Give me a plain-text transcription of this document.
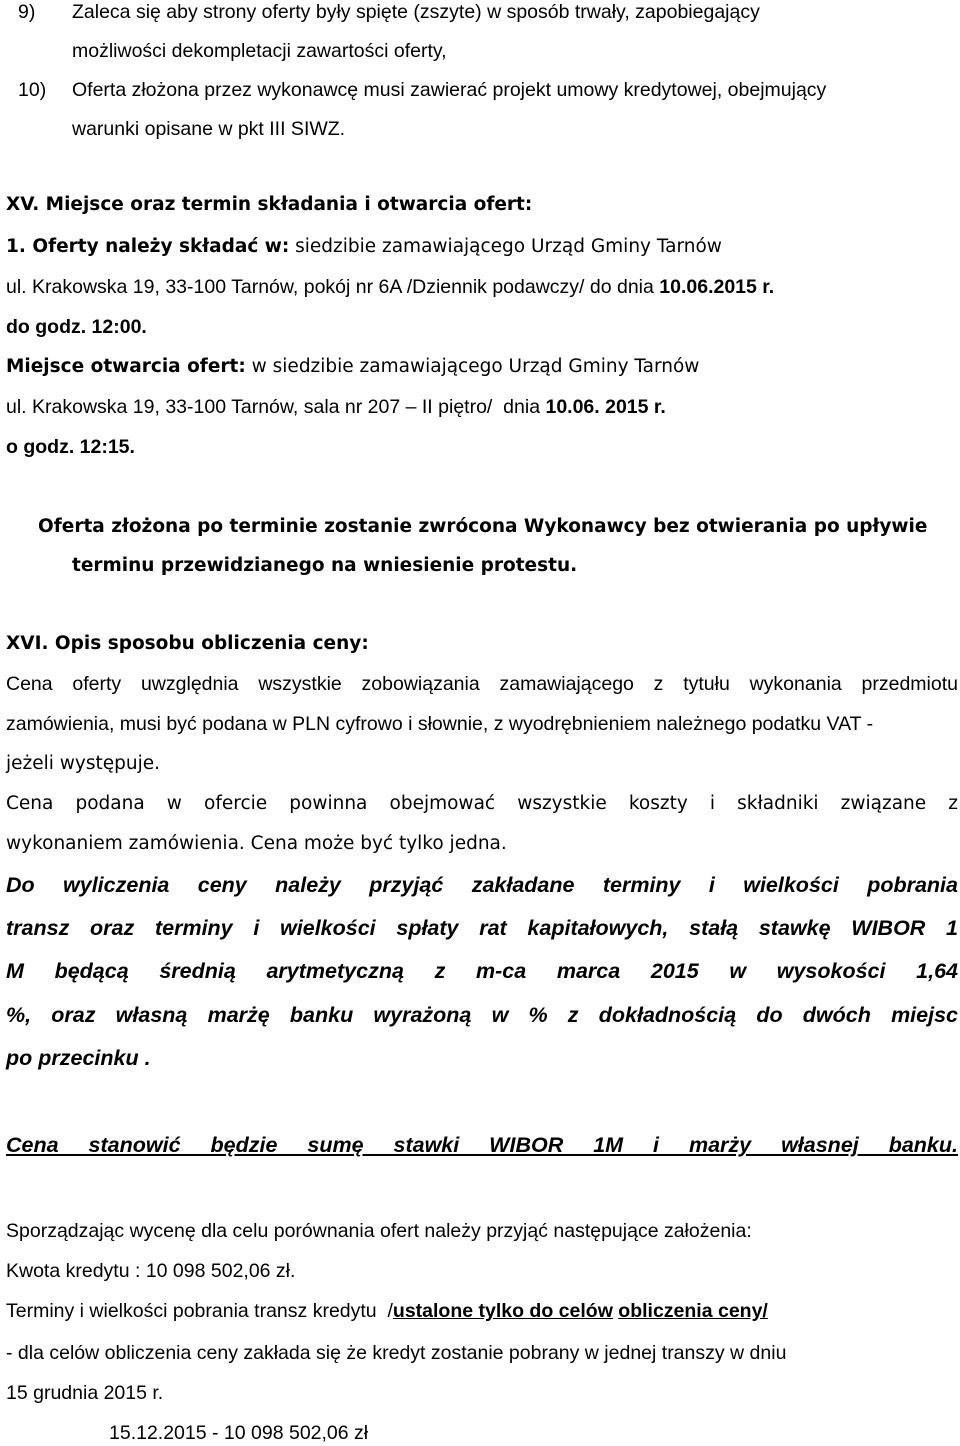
9) Zaleca się aby strony oferty były spięte (zszyte) w sposób trwały, zapobiegający
możliwości dekompletacji zawartości oferty,
10) Oferta złożona przez wykonawcę musi zawierać projekt umowy kredytowej, obejmujący
warunki opisane w pkt III SIWZ.
XV. Miejsce oraz termin składania i otwarcia ofert:
1. Oferty należy składać w: siedzibie zamawiającego Urząd Gminy Tarnów
ul. Krakowska 19, 33-100 Tarnów, pokój nr 6A /Dziennik podawczy/ do dnia 10.06.2015 r.
do godz. 12:00.
Miejsce otwarcia ofert: w siedzibie zamawiającego Urząd Gminy Tarnów
ul. Krakowska 19, 33-100 Tarnów, sala nr 207 – II piętro/  dnia 10.06. 2015 r.
o godz. 12:15.
Oferta złożona po terminie zostanie zwrócona Wykonawcy bez otwierania po upływie
terminu przewidzianego na wniesienie protestu.
XVI. Opis sposobu obliczenia ceny:
Cena oferty uwzględnia wszystkie zobowiązania zamawiającego z tytułu wykonania przedmiotu
zamówienia, musi być podana w PLN cyfrowo i słownie, z wyodrębnieniem należnego podatku VAT -
jeżeli występuje.
Cena podana w ofercie powinna obejmować wszystkie koszty i składniki związane z
wykonaniem zamówienia. Cena może być tylko jedna.
Do wyliczenia ceny należy przyjąć zakładane terminy i wielkości pobrania
transz oraz terminy i wielkości spłaty rat kapitałowych, stałą stawkę WIBOR 1
M będącą średnią arytmetyczną z m-ca marca 2015 w wysokości 1,64
%, oraz własną marżę banku wyrażoną w % z dokładnością do dwóch miejsc
po przecinku .
Cena stanowić będzie sumę stawki WIBOR 1M i marży własnej banku.
Sporządzając wycenę dla celu porównania ofert należy przyjąć następujące założenia:
Kwota kredytu : 10 098 502,06 zł.
Terminy i wielkości pobrania transz kredytu  /ustalone tylko do celów obliczenia ceny/
- dla celów obliczenia ceny zakłada się że kredyt zostanie pobrany w jednej transzy w dniu
15 grudnia 2015 r.
15.12.2015 - 10 098 502,06 zł
